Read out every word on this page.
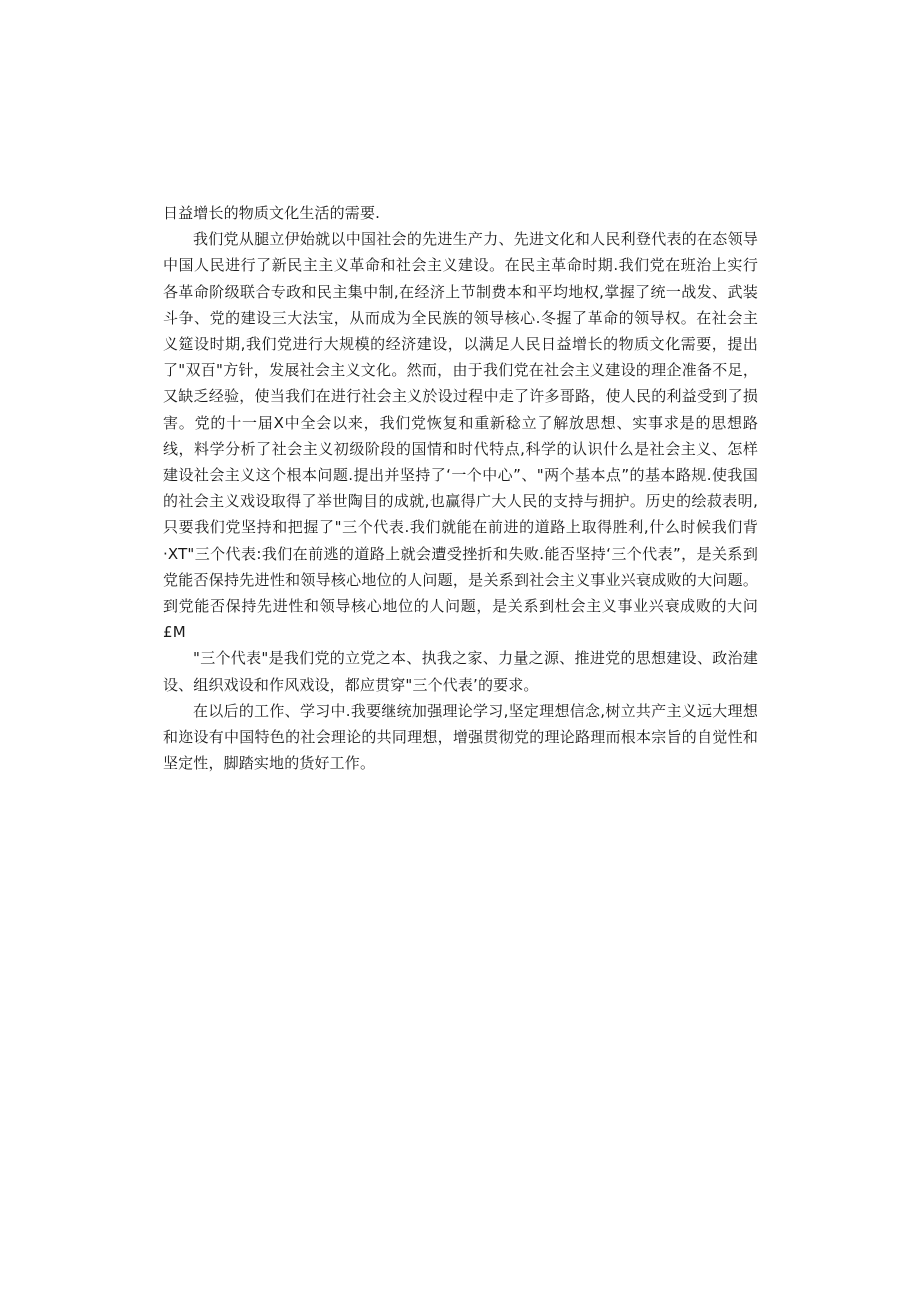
日益增长的物质文化生活的需要.

我们党从腿立伊始就以中国社会的先进生产力、先进文化和人民利登代表的在态领导中国人民进行了新民主主义革命和社会主义建设。在民主革命时期.我们党在班治上实行各革命阶级联合专政和民主集中制,在经济上节制费本和平均地权,掌握了统一战发、武装斗争、党的建设三大法宝，从而成为全民族的领导核心.冬握了革命的领导权。在社会主义筵设时期,我们党进行大规模的经济建设，以满足人民日益增长的物质文化需要，提出了"双百"方针，发展社会主义文化。然而，由于我们党在社会主义建设的理企准备不足，又缺乏经验，使当我们在进行社会主义於设过程中走了许多哥路，使人民的利益受到了损害。党的十一届X中全会以来，我们党恢复和重新稔立了解放思想、实事求是的思想路线，料学分析了社会主义初级阶段的国情和时代特点,科学的认识什么是社会主义、怎样建设社会主义这个根本问题.提出并坚持了‘一个中心”、"两个基本点”的基本路规.使我国的社会主义戏设取得了举世陶目的成就,也赢得广大人民的支持与拥护。历史的绘菽表明,只要我们党坚持和把握了"三个代表.我们就能在前进的道路上取得胜利,什么时候我们背·XT"三个代表:我们在前逃的道路上就会遭受挫折和失败.能否坚持‘三个代表”，是关系到党能否保持先进性和领导核心地位的人问题，是关系到社会主义事业兴衰成败的大问题。到党能否保持先进性和领导核心地位的人问题，是关系到杜会主义事业兴衰成败的大问£M

"三个代表"是我们党的立党之本、执我之家、力量之源、推进党的思想建设、政治建设、组织戏设和作风戏设，都应贯穿"三个代表’的要求。

在以后的工作、学习中.我要继统加强理论学习,坚定理想信念,树立共产主义远大理想和迩设有中国特色的社会理论的共同理想，增强贯彻党的理论路理而根本宗旨的自觉性和坚定性，脚踏实地的货好工作。
